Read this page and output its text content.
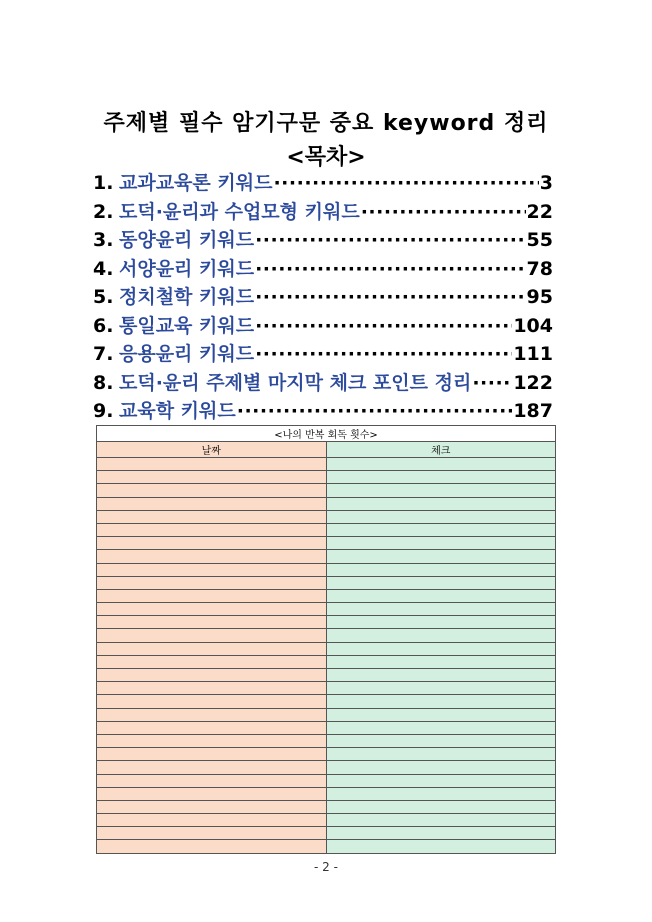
주제별 필수 암기구문 중요 keyword 정리
<목차>
1. 교과교육론 키워드 ·····	3
2. 도덕·윤리과 수업모형 키워드 ·····	22
3. 동양윤리 키워드 ·····	55
4. 서양윤리 키워드 ·····	78
5. 정치철학 키워드 ·····	95
6. 통일교육 키워드 ·····	104
7. 응용윤리 키워드 ·····	111
8. 도덕·윤리 주제별 마지막 체크 포인트 정리 ····· 122
9. 교육학 키워드 ·····	187
<나의 반복 회독 횟수>	
날짜	체크

- 2 -
